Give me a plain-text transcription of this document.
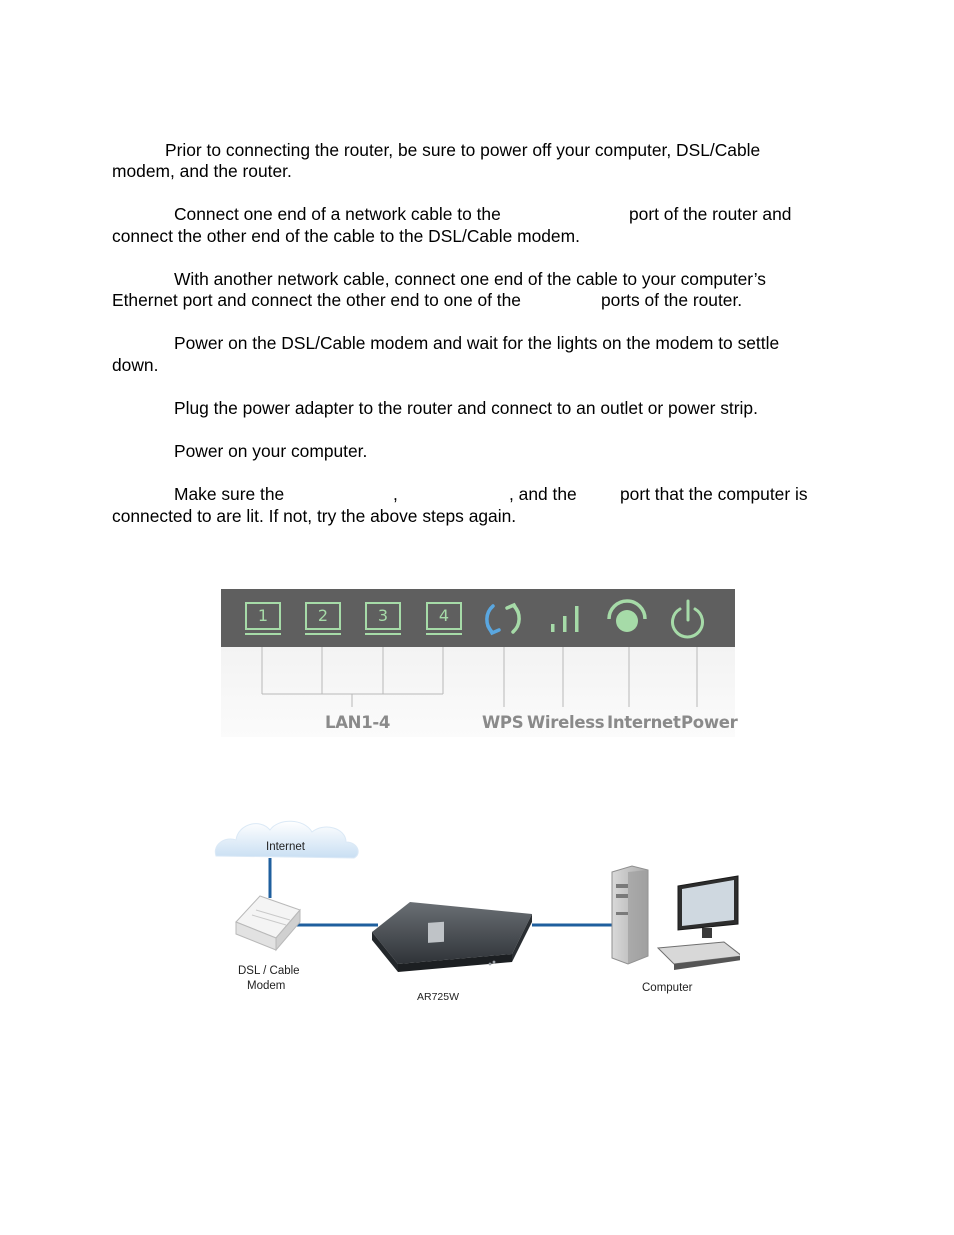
Prior to connecting the router, be sure to power off your computer, DSL/Cable
modem, and the router.
Connect one end of a network cable to the	port of the router and
connect the other end of the cable to the DSL/Cable modem.
With another network cable, connect one end of the cable to your computer’s
Ethernet port and connect the other end to one of the	ports of the router.
Power on the DSL/Cable modem and wait for the lights on the modem to settle
down.
Plug the power adapter to the router and connect to an outlet or power strip.
Power on your computer.
Make sure the	,	, and the port that the computer is
connected to are lit. If not, try the above steps again.
1	2	3	4
LAN1-4	WPS Wireless Internet Power
Internet
DSL / Cable
Modem
AR725W
Computer
